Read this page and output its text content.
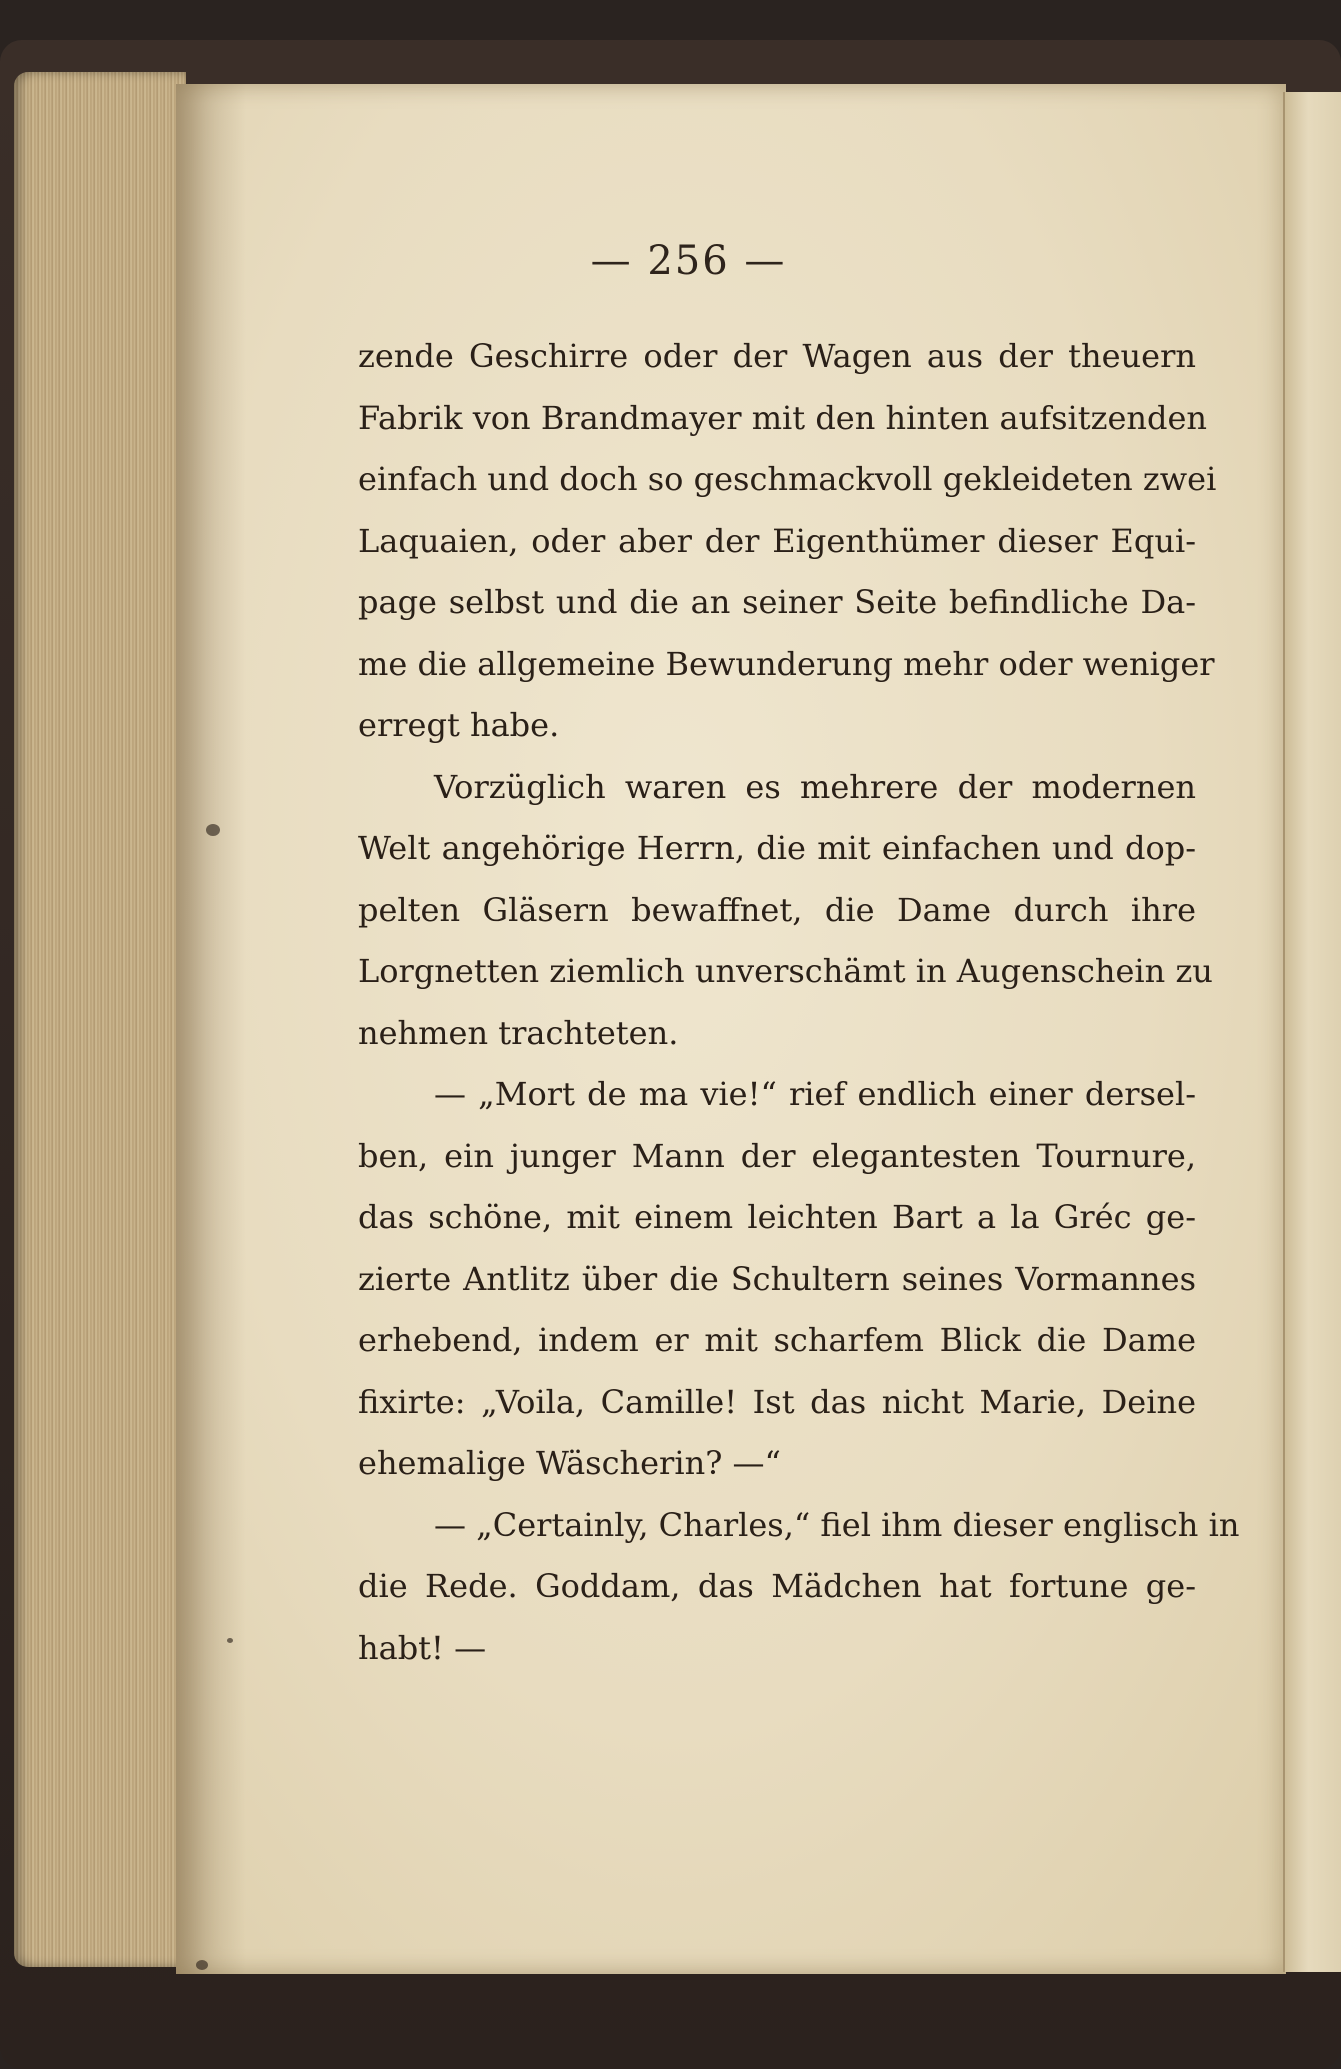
— 256 —
zende Geschirre oder der Wagen aus der theuern
Fabrik von Brandmayer mit den hinten aufsitzenden
einfach und doch so geschmackvoll gekleideten zwei
Laquaien, oder aber der Eigenthümer dieser Equi-
page selbst und die an seiner Seite befindliche Da-
me die allgemeine Bewunderung mehr oder weniger
erregt habe.
Vorzüglich waren es mehrere der modernen
Welt angehörige Herrn, die mit einfachen und dop-
pelten Gläsern bewaffnet, die Dame durch ihre
Lorgnetten ziemlich unverschämt in Augenschein zu
nehmen trachteten.
— „Mort de ma vie!“ rief endlich einer dersel-
ben, ein junger Mann der elegantesten Tournure,
das schöne, mit einem leichten Bart a la Gréc ge-
zierte Antlitz über die Schultern seines Vormannes
erhebend, indem er mit scharfem Blick die Dame
fixirte: „Voila, Camille! Ist das nicht Marie, Deine
ehemalige Wäscherin? —“
— „Certainly, Charles,“ fiel ihm dieser englisch in
die Rede. Goddam, das Mädchen hat fortune ge-
habt! —
